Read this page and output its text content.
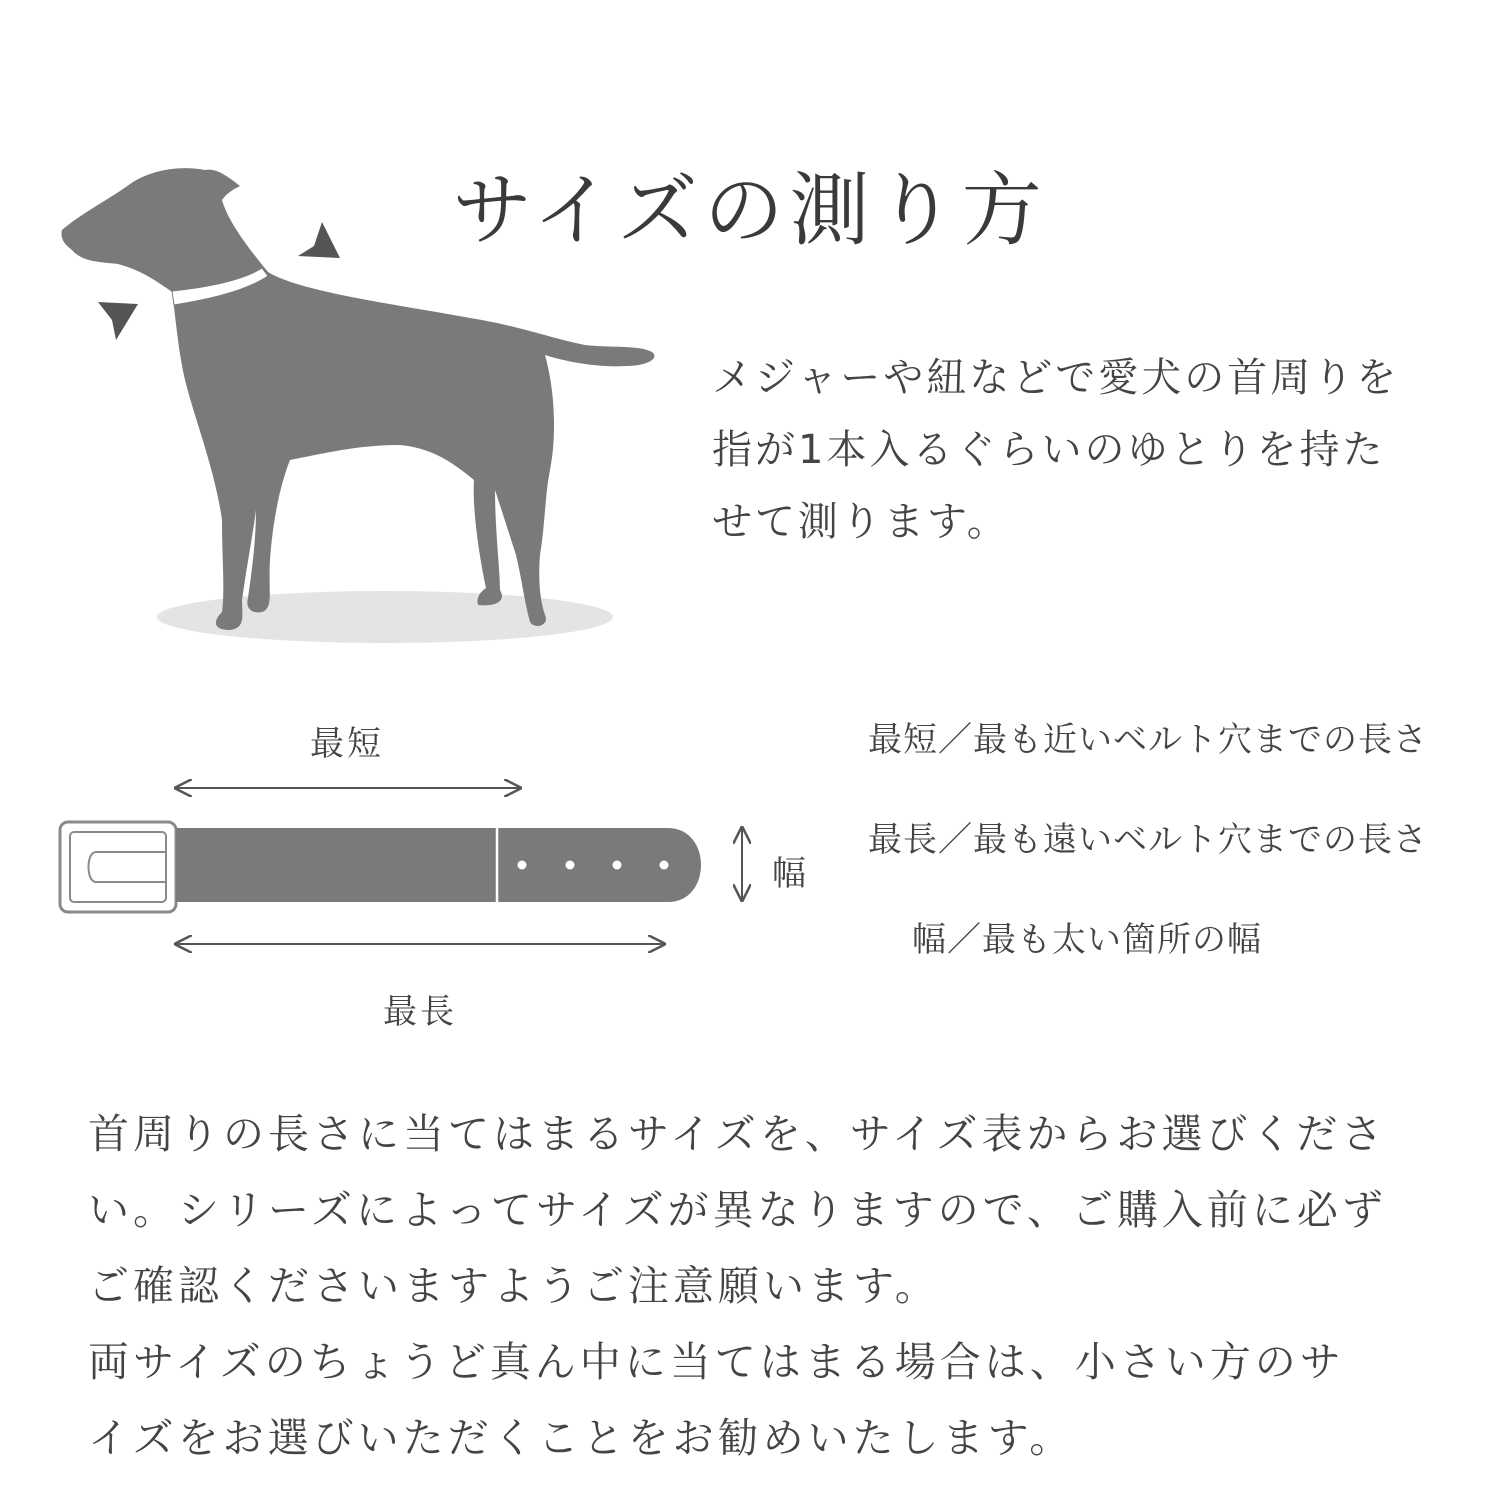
サイズの測り方
メジャーや紐などで愛犬の首周りを
指が1本入るぐらいのゆとりを持た
せて測ります。
最短
最長
幅
最短／最も近いベルト穴までの長さ
最長／最も遠いベルト穴までの長さ
幅／最も太い箇所の幅
首周りの長さに当てはまるサイズを、サイズ表からお選びくださ
い。シリーズによってサイズが異なりますので、ご購入前に必ず
ご確認くださいますようご注意願います。
両サイズのちょうど真ん中に当てはまる場合は、小さい方のサ
イズをお選びいただくことをお勧めいたします。
